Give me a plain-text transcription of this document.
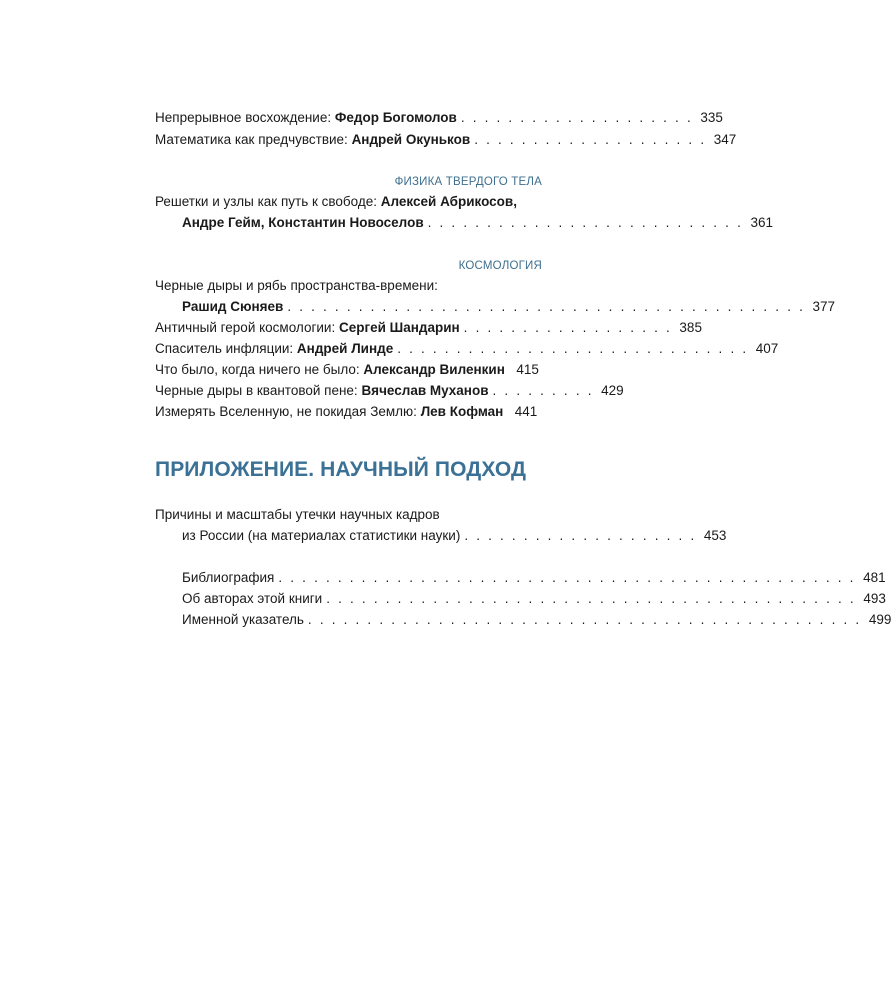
Непрерывное восхождение: Федор Богомолов . . . . . . . . . . . . . . . . . . . . 335
Математика как предчувствие: Андрей Окуньков . . . . . . . . . . . . . . . . . . . . 347
ФИЗИКА ТВЕРДОГО ТЕЛА
Решетки и узлы как путь к свободе: Алексей Абрикосов,
Андре Гейм, Константин Новоселов . . . . . . . . . . . . . . . . . . . . . . . . . . . 361
КОСМОЛОГИЯ
Черные дыры и рябь пространства-времени:
Рашид Сюняев . . . . . . . . . . . . . . . . . . . . . . . . . . . . . . . . . . . . . . . . . . . . 377
Античный герой космологии: Сергей Шандарин . . . . . . . . . . . . . . . . . . 385
Спаситель инфляции: Андрей Линде . . . . . . . . . . . . . . . . . . . . . . . . . . . . . . 407
Что было, когда ничего не было: Александр Виленкин 415
Черные дыры в квантовой пене: Вячеслав Муханов . . . . . . . . . 429
Измерять Вселенную, не покидая Землю: Лев Кофман 441
ПРИЛОЖЕНИЕ. НАУЧНЫЙ ПОДХОД
Причины и масштабы утечки научных кадров
из России (на материалах статистики науки) . . . . . . . . . . . . . . . . . . . . 453
Библиография . . . . . . . . . . . . . . . . . . . . . . . . . . . . . . . . . . . . . . . . . . . . . . . . . 481
Об авторах этой книги . . . . . . . . . . . . . . . . . . . . . . . . . . . . . . . . . . . . . . . . . . . . . 493
Именной указатель . . . . . . . . . . . . . . . . . . . . . . . . . . . . . . . . . . . . . . . . . . . . . . . 499
